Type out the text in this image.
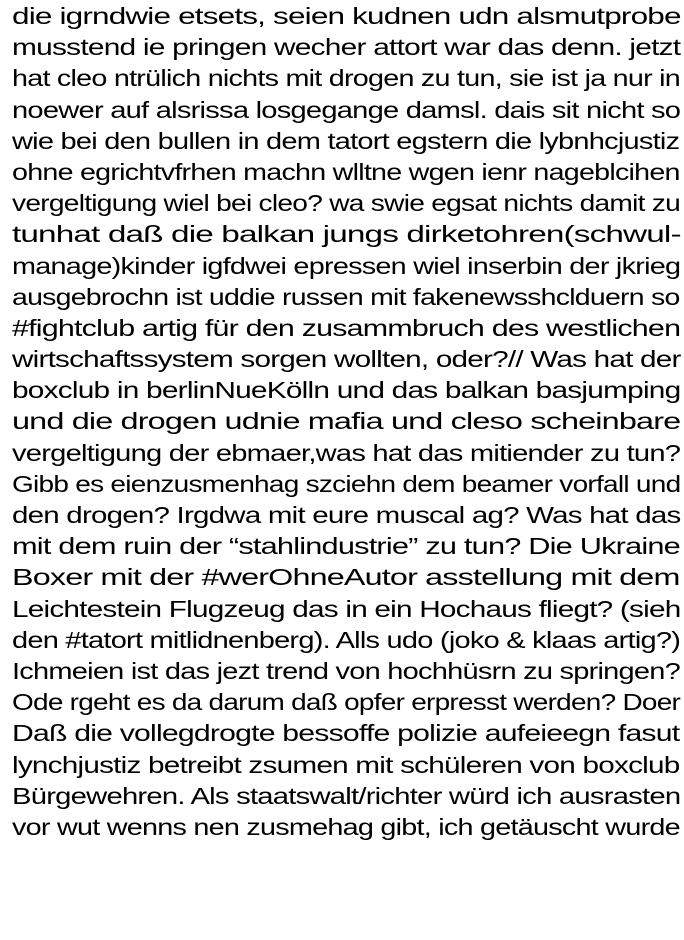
die igrndwie etsets, seien kudnen udn alsmutprobe
musstend ie pringen wecher attort war das denn. jetzt
hat cleo ntrülich nichts mit drogen zu tun, sie ist ja nur in
noewer auf alsrissa losgegange damsl. dais sit nicht so
wie bei den bullen in dem tatort egstern die lybnhcjustiz
ohne egrichtvfrhen machn wlltne wgen ienr nageblcihen
vergeltigung wiel bei cleo? wa swie egsat nichts damit zu
tunhat daß die balkan jungs dirketohren(schwul-
manage)kinder igfdwei epressen wiel inserbin der jkrieg
ausgebrochn ist uddie russen mit fakenewsshclduern so
#fightclub artig für den zusammbruch des westlichen
wirtschaftssystem sorgen wollten, oder?// Was hat der
boxclub in berlinNueKölln und das balkan basjumping
und die drogen udnie mafia und cleso scheinbare
vergeltigung der ebmaer,was hat das mitiender zu tun?
Gibb es eienzusmenhag szciehn dem beamer vorfall und
den drogen? Irgdwa mit eure muscal ag? Was hat das
mit dem ruin der “stahlindustrie” zu tun? Die Ukraine
Boxer mit der #werOhneAutor asstellung mit dem
Leichtestein Flugzeug das in ein Hochaus fliegt? (sieh
den #tatort mitlidnenberg). Alls udo (joko & klaas artig?)
Ichmeien ist das jezt trend von hochhüsrn zu springen?
Ode rgeht es da darum daß opfer erpresst werden? Doer
Daß die vollegdrogte bessoffe polizie aufeieegn fasut
lynchjustiz betreibt zsumen mit schüleren von boxclub
Bürgewehren. Als staatswalt/richter würd ich ausrasten
vor wut wenns nen zusmehag gibt, ich getäuscht wurde
